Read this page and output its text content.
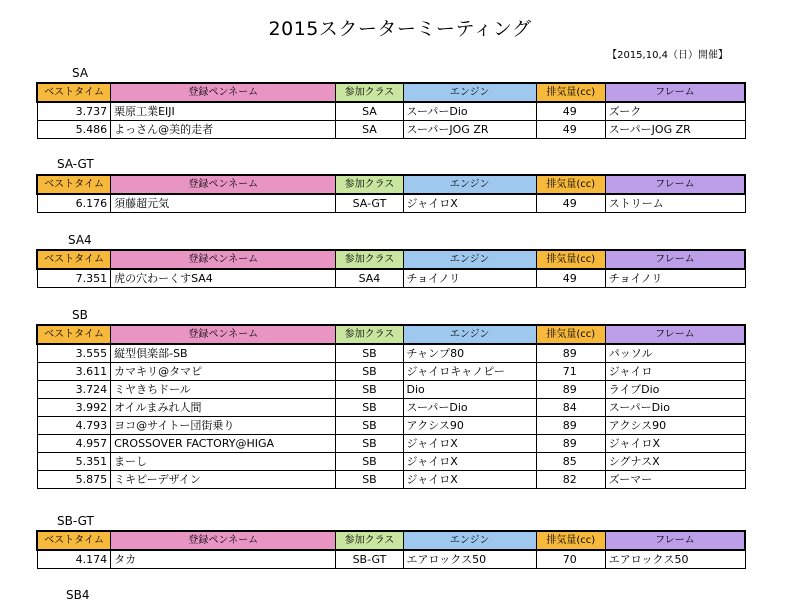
2015スクーターミーティング
【2015,10,4（日）開催】
SA
ベストタイム	登録ペンネーム	参加クラス	エンジン	排気量(cc)	フレーム
3.737	栗原工業EIJI	SA	スーパーDio	49	ズーク
5.486	よっさん@美的走者	SA	スーパーJOG ZR	49	スーパーJOG ZR
SA-GT
ベストタイム	登録ペンネーム	参加クラス	エンジン	排気量(cc)	フレーム
6.176	須藤超元気	SA-GT	ジャイロX	49	ストリーム
SA4
ベストタイム	登録ペンネーム	参加クラス	エンジン	排気量(cc)	フレーム
7.351	虎の穴わーくすSA4	SA4	チョイノリ	49	チョイノリ
SB
ベストタイム	登録ペンネーム	参加クラス	エンジン	排気量(cc)	フレーム
3.555	縦型倶楽部-SB	SB	チャンプ80	89	パッソル
3.611	カマキリ@タマピ	SB	ジャイロキャノピー	71	ジャイロ
3.724	ミヤきちドール	SB	Dio	89	ライブDio
3.992	オイルまみれ人間	SB	スーパーDio	84	スーパーDio
4.793	ヨコ@サイトー団街乗り	SB	アクシス90	89	アクシス90
4.957	CROSSOVER FACTORY@HIGA	SB	ジャイロX	89	ジャイロX
5.351	まーし	SB	ジャイロX	85	シグナスX
5.875	ミキピーデザイン	SB	ジャイロX	82	ズーマー
SB-GT
ベストタイム	登録ペンネーム	参加クラス	エンジン	排気量(cc)	フレーム
4.174	タカ	SB-GT	エアロックス50	70	エアロックス50
SB4
